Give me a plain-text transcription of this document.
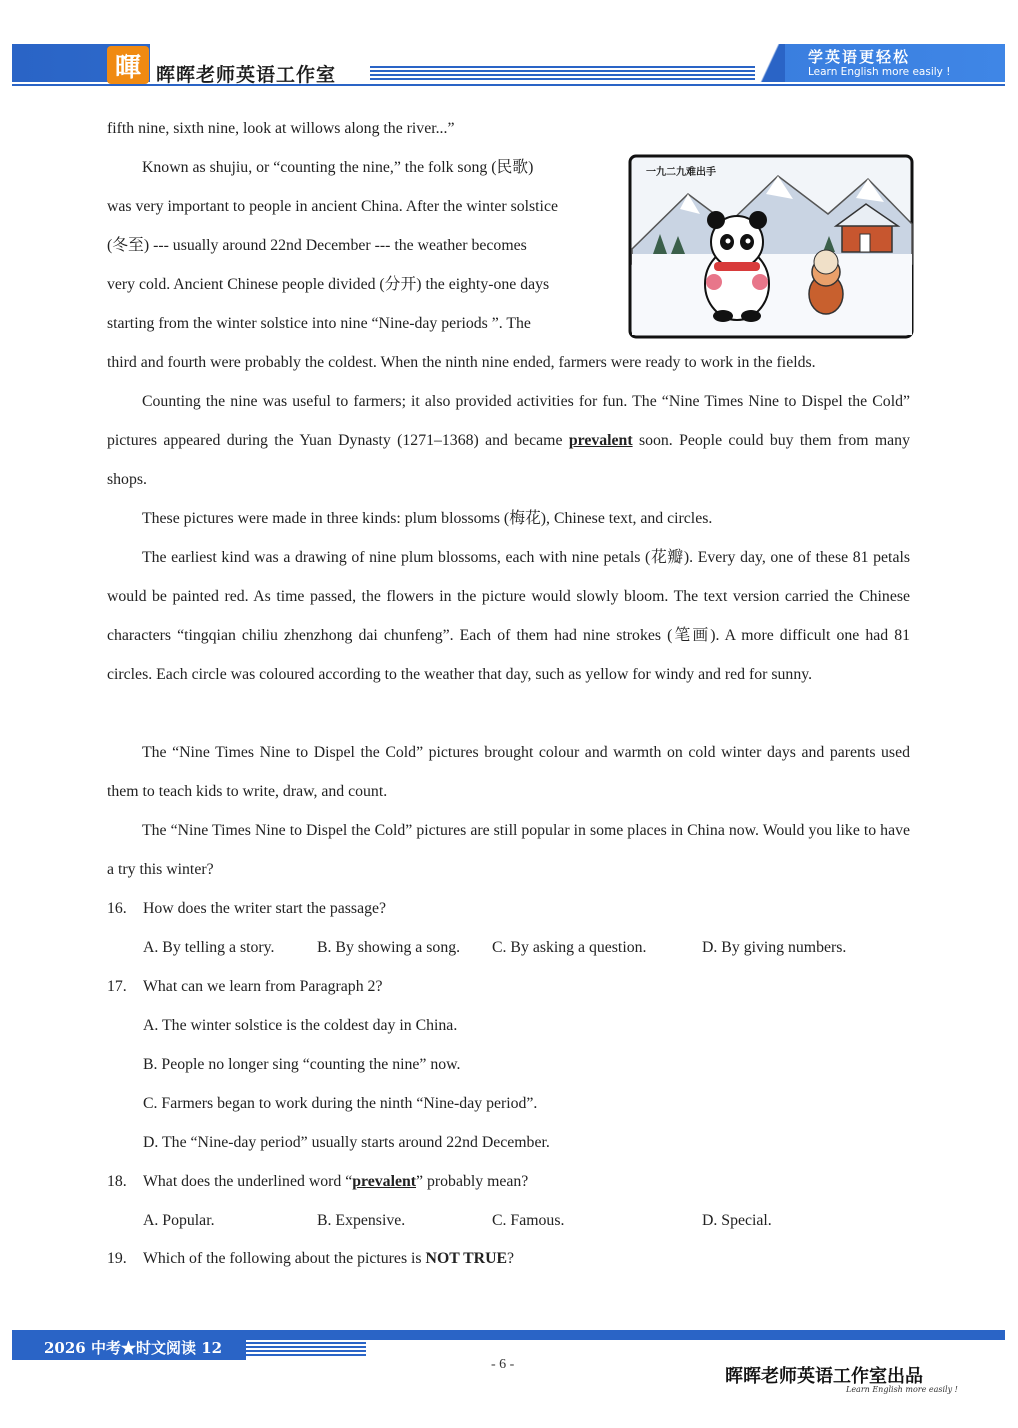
暉 晖晖老师英语工作室
学英语更轻松
Learn English more easily !

fifth nine, sixth nine, look at willows along the river...”

Known as shujiu, or “counting the nine,” the folk song (民歌)

was very important to people in ancient China. After the winter solstice

(冬至) --- usually around 22nd December --- the weather becomes

very cold. Ancient Chinese people divided (分开) the eighty-one days

starting from the winter solstice into nine “Nine-day periods ”. The

third and fourth were probably the coldest. When the ninth nine ended, farmers were ready to work in the fields.

一九二九难出手

Counting the nine was useful to farmers; it also provided activities for fun. The “Nine Times Nine to Dispel the Cold” pictures appeared during the Yuan Dynasty (1271–1368) and became prevalent soon. People could buy them from many shops.

These pictures were made in three kinds: plum blossoms (梅花), Chinese text, and circles.

The earliest kind was a drawing of nine plum blossoms, each with nine petals (花瓣). Every day, one of these 81 petals would be painted red. As time passed, the flowers in the picture would slowly bloom. The text version carried the Chinese characters “tingqian chiliu zhenzhong dai chunfeng”. Each of them had nine strokes (笔画). A more difficult one had 81 circles. Each circle was coloured according to the weather that day, such as yellow for windy and red for sunny.

The “Nine Times Nine to Dispel the Cold” pictures brought colour and warmth on cold winter days and parents used them to teach kids to write, draw, and count.

The “Nine Times Nine to Dispel the Cold” pictures are still popular in some places in China now. Would you like to have a try this winter?

16. How does the writer start the passage?
A. By telling a story.	B. By showing a song. C. By asking a question.	D. By giving numbers.
17. What can we learn from Paragraph 2?
A. The winter solstice is the coldest day in China.
B. People no longer sing “counting the nine” now.
C. Farmers began to work during the ninth “Nine-day period”.
D. The “Nine-day period” usually starts around 22nd December.
18. What does the underlined word “prevalent” probably mean?
A. Popular.	B. Expensive.	C. Famous.	D. Special.
19. Which of the following about the pictures is NOT TRUE?
2026 中考★时文阅读 12
- 6 -
晖晖老师英语工作室出品
Learn English more easily !
